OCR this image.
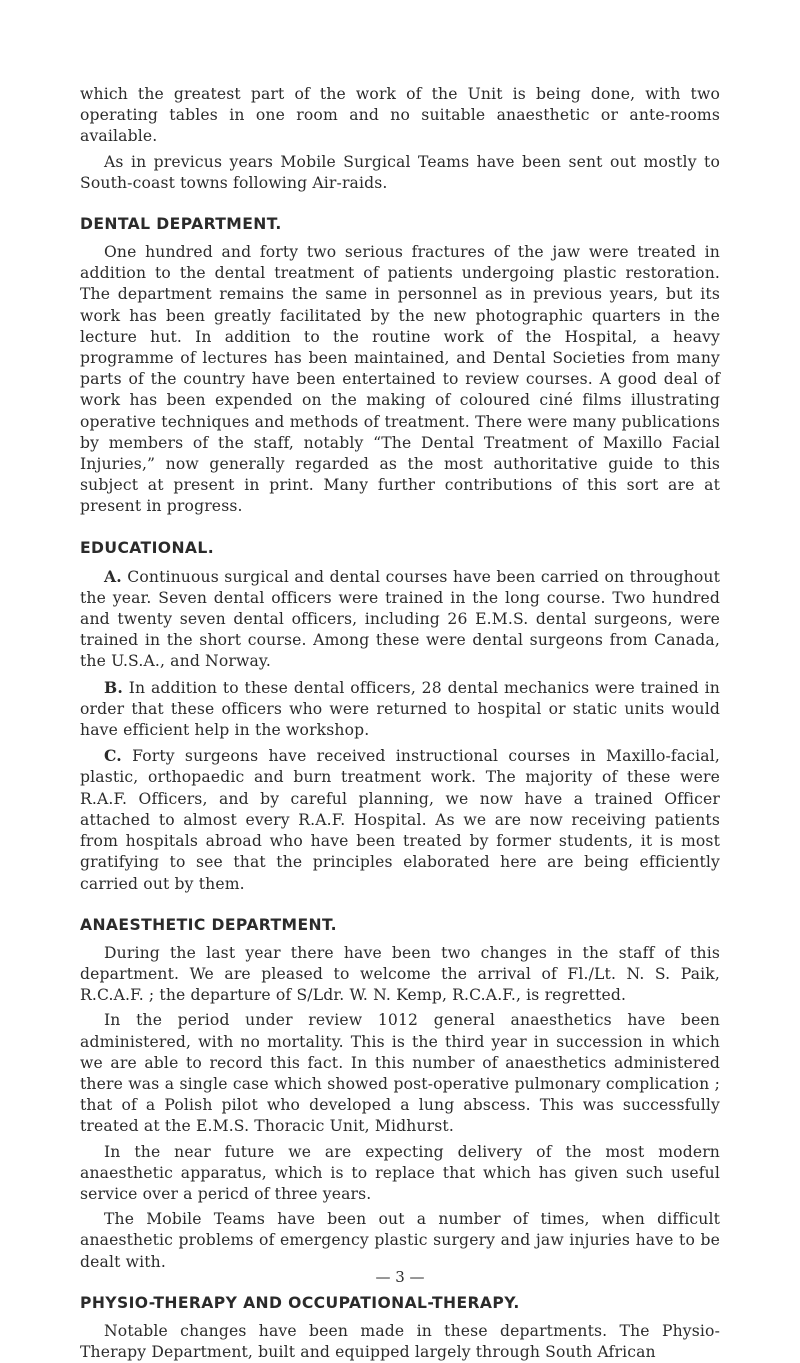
which the greatest part of the work of the Unit is being done, with two operating tables in one room and no suitable anaesthetic or ante-rooms available.

As in previcus years Mobile Surgical Teams have been sent out mostly to South-coast towns following Air-raids.

DENTAL DEPARTMENT.

One hundred and forty two serious fractures of the jaw were treated in addition to the dental treatment of patients undergoing plastic restoration. The department remains the same in personnel as in previous years, but its work has been greatly facilitated by the new photographic quarters in the lecture hut. In addition to the routine work of the Hospital, a heavy programme of lectures has been maintained, and Dental Societies from many parts of the country have been entertained to review courses. A good deal of work has been expended on the making of coloured ciné films illustrating operative techniques and methods of treatment. There were many publications by members of the staff, notably “The Dental Treatment of Maxillo Facial Injuries,” now generally regarded as the most authoritative guide to this subject at present in print. Many further contributions of this sort are at present in progress.

EDUCATIONAL.

A. Continuous surgical and dental courses have been carried on throughout the year. Seven dental officers were trained in the long course. Two hundred and twenty seven dental officers, including 26 E.M.S. dental surgeons, were trained in the short course. Among these were dental surgeons from Canada, the U.S.A., and Norway.

B. In addition to these dental officers, 28 dental mechanics were trained in order that these officers who were returned to hospital or static units would have efficient help in the workshop.

C. Forty surgeons have received instructional courses in Maxillo-facial, plastic, orthopaedic and burn treatment work. The majority of these were R.A.F. Officers, and by careful planning, we now have a trained Officer attached to almost every R.A.F. Hospital. As we are now receiving patients from hospitals abroad who have been treated by former students, it is most gratifying to see that the principles elaborated here are being efficiently carried out by them.

ANAESTHETIC DEPARTMENT.

During the last year there have been two changes in the staff of this department. We are pleased to welcome the arrival of Fl./Lt. N. S. Paik, R.C.A.F. ; the departure of S/Ldr. W. N. Kemp, R.C.A.F., is regretted.

In the period under review 1012 general anaesthetics have been administered, with no mortality. This is the third year in succession in which we are able to record this fact. In this number of anaesthetics administered there was a single case which showed post-operative pulmonary complication ; that of a Polish pilot who developed a lung abscess. This was successfully treated at the E.M.S. Thoracic Unit, Midhurst.

In the near future we are expecting delivery of the most modern anaesthetic apparatus, which is to replace that which has given such useful service over a pericd of three years.

The Mobile Teams have been out a number of times, when difficult anaesthetic problems of emergency plastic surgery and jaw injuries have to be dealt with.

PHYSIO-THERAPY AND OCCUPATIONAL-THERAPY.

Notable changes have been made in these departments. The Physio-Therapy Department, built and equipped largely through South African

— 3 —
